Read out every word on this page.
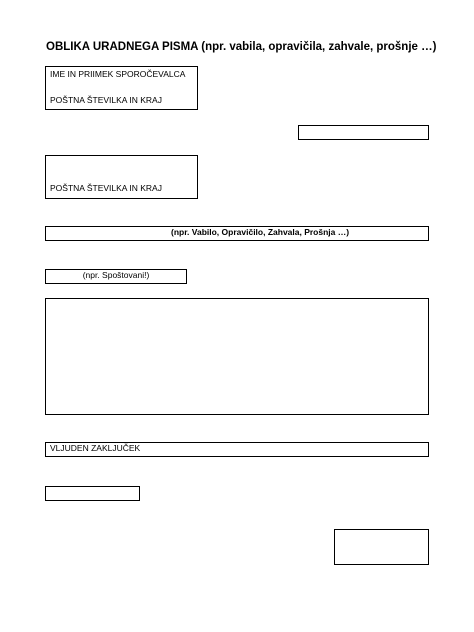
OBLIKA URADNEGA PISMA (npr. vabila, opravičila, zahvale, prošnje …)
IME IN PRIIMEK SPOROČEVALCA
POŠTNA ŠTEVILKA IN KRAJ
POŠTNA ŠTEVILKA IN KRAJ
(npr. Vabilo, Opravičilo, Zahvala, Prošnja …)
(npr. Spoštovani!)
VLJUDEN ZAKLJUČEK
